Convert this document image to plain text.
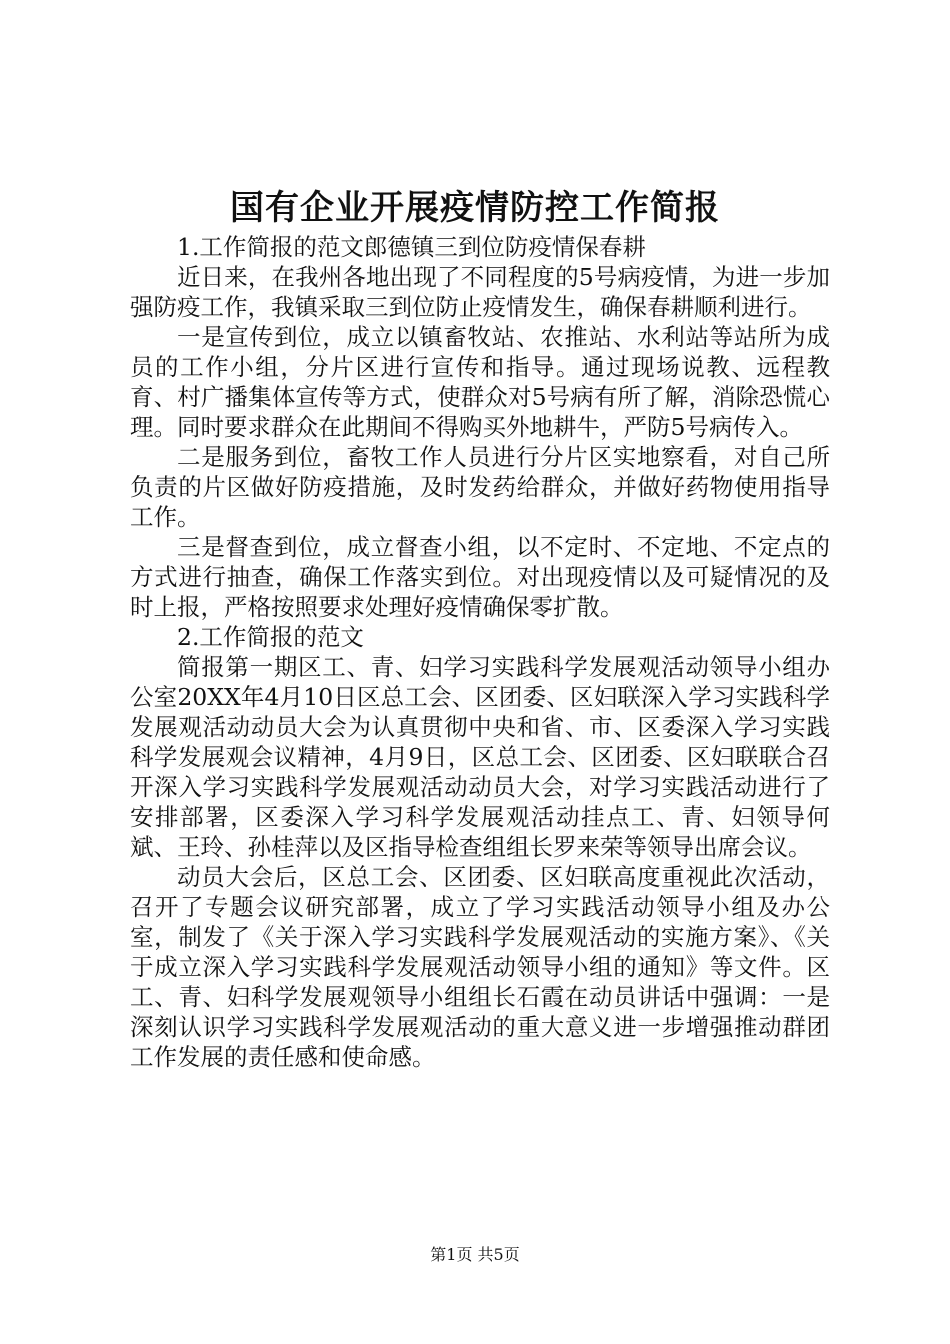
国有企业开展疫情防控工作简报

1.工作简报的范文郎德镇三到位防疫情保春耕

近日来，在我州各地出现了不同程度的5号病疫情，为进一步加强防疫工作，我镇采取三到位防止疫情发生，确保春耕顺利进行。

一是宣传到位，成立以镇畜牧站、农推站、水利站等站所为成员的工作小组，分片区进行宣传和指导。通过现场说教、远程教育、村广播集体宣传等方式，使群众对5号病有所了解，消除恐慌心理。同时要求群众在此期间不得购买外地耕牛，严防5号病传入。

二是服务到位，畜牧工作人员进行分片区实地察看，对自己所负责的片区做好防疫措施，及时发药给群众，并做好药物使用指导工作。

三是督查到位，成立督查小组，以不定时、不定地、不定点的方式进行抽查，确保工作落实到位。对出现疫情以及可疑情况的及时上报，严格按照要求处理好疫情确保零扩散。

2.工作简报的范文

简报第一期区工、青、妇学习实践科学发展观活动领导小组办公室20XX年4月10日区总工会、区团委、区妇联深入学习实践科学发展观活动动员大会为认真贯彻中央和省、市、区委深入学习实践科学发展观会议精神，4月9日，区总工会、区团委、区妇联联合召开深入学习实践科学发展观活动动员大会，对学习实践活动进行了安排部署，区委深入学习科学发展观活动挂点工、青、妇领导何斌、王玲、孙桂萍以及区指导检查组组长罗来荣等领导出席会议。

动员大会后，区总工会、区团委、区妇联高度重视此次活动，召开了专题会议研究部署，成立了学习实践活动领导小组及办公室，制发了《关于深入学习实践科学发展观活动的实施方案》、《关于成立深入学习实践科学发展观活动领导小组的通知》等文件。区工、青、妇科学发展观领导小组组长石霞在动员讲话中强调：一是深刻认识学习实践科学发展观活动的重大意义进一步增强推动群团工作发展的责任感和使命感。

第1页 共5页
